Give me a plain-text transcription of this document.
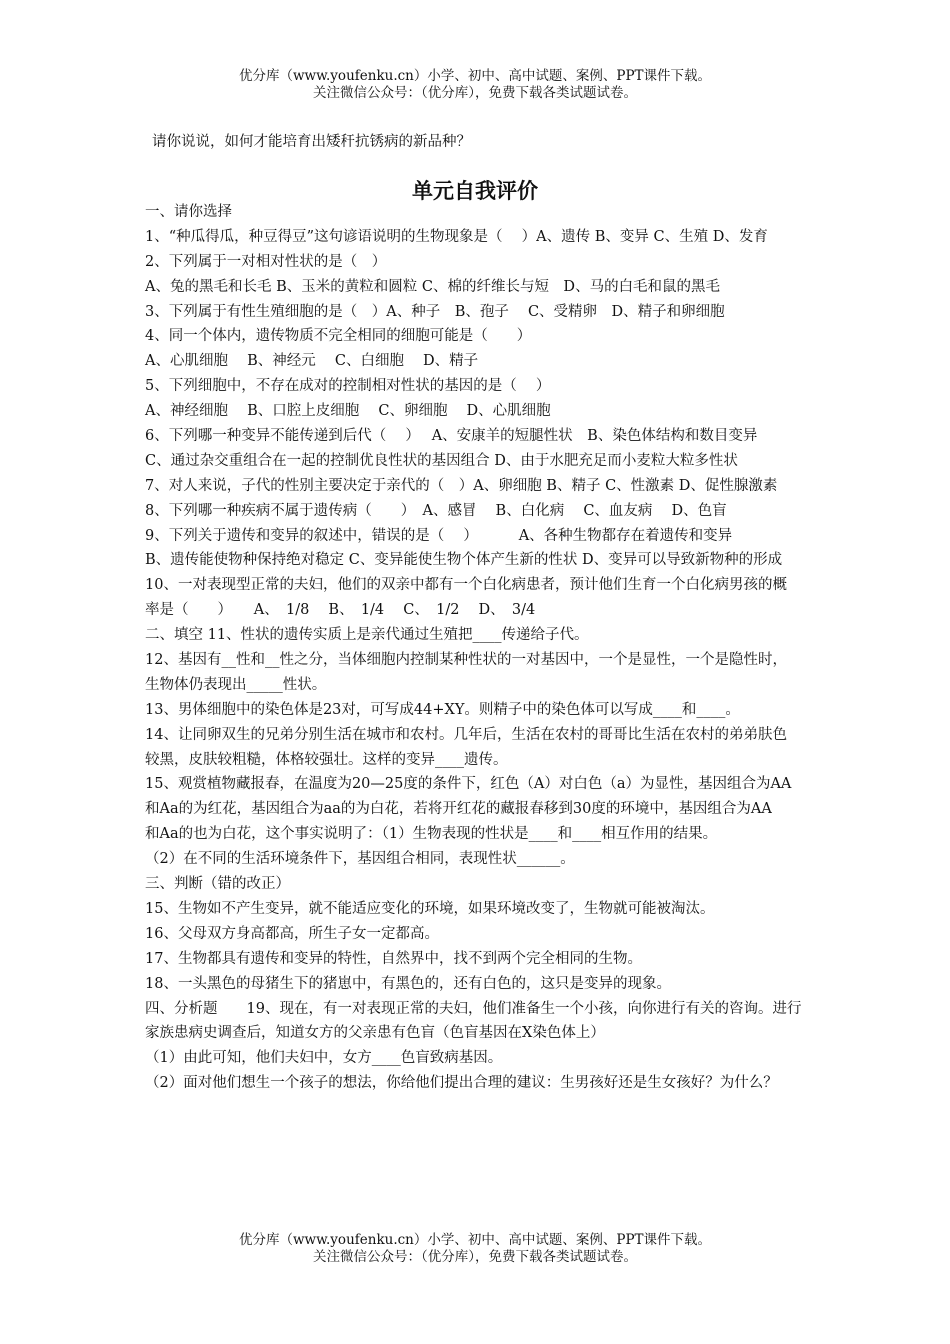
优分库（www.youfenku.cn）小学、初中、高中试题、案例、PPT课件下载。
关注微信公众号：（优分库），免费下载各类试题试卷。
请你说说，如何才能培育出矮秆抗锈病的新品种？
单元自我评价
一、请你选择
1、“种瓜得瓜，种豆得豆”这句谚语说明的生物现象是（　 ）A、遗传 B、变异 C、生殖 D、发育
2、下列属于一对相对性状的是（　）
A、兔的黑毛和长毛 B、玉米的黄粒和圆粒 C、棉的纤维长与短　D、马的白毛和鼠的黑毛
3、下列属于有性生殖细胞的是（　）A、种子　B、孢子　 C、受精卵　D、精子和卵细胞
4、同一个体内，遗传物质不完全相同的细胞可能是（　　）
A、心肌细胞　 B、神经元　 C、白细胞　 D、精子
5、下列细胞中，不存在成对的控制相对性状的基因的是（　 ）
A、神经细胞　 B、口腔上皮细胞　 C、卵细胞　 D、心肌细胞
6、下列哪一种变异不能传递到后代（　 ）　 A、安康羊的短腿性状　B、染色体结构和数目变异
C、通过杂交重组合在一起的控制优良性状的基因组合 D、由于水肥充足而小麦粒大粒多性状
7、对人来说，子代的性别主要决定于亲代的（　）A、卵细胞 B、精子 C、性激素 D、促性腺激素
8、下列哪一种疾病不属于遗传病（　　）　A、感冒　 B、白化病　 C、血友病　 D、色盲
9、下列关于遗传和变异的叙述中，错误的是（　 ）　　　 A、各种生物都存在着遗传和变异
B、遗传能使物种保持绝对稳定 C、变异能使生物个体产生新的性状 D、变异可以导致新物种的形成
10、一对表现型正常的夫妇，他们的双亲中都有一个白化病患者，预计他们生育一个白化病男孩的概
率是（　　）　　A、　1/8　 B、　1/4　 C、　1/2　 D、　3/4
二、填空 11、性状的遗传实质上是亲代通过生殖把____传递给子代。
12、基因有__性和__性之分，当体细胞内控制某种性状的一对基因中，一个是显性，一个是隐性时，
生物体仍表现出_____性状。
13、男体细胞中的染色体是23对，可写成44+XY。则精子中的染色体可以写成____和____。
14、让同卵双生的兄弟分别生活在城市和农村。几年后，生活在农村的哥哥比生活在农村的弟弟肤色
较黑，皮肤较粗糙，体格较强壮。这样的变异____遗传。
15、观赏植物藏报春，在温度为20—25度的条件下，红色（A）对白色（a）为显性，基因组合为AA
和Aa的为红花，基因组合为aa的为白花，若将开红花的藏报春移到30度的环境中，基因组合为AA
和Aa的也为白花，这个事实说明了：（1）生物表现的性状是____和____相互作用的结果。
（2）在不同的生活环境条件下，基因组合相同，表现性状______。
三、判断（错的改正）
15、生物如不产生变异，就不能适应变化的环境，如果环境改变了，生物就可能被淘汰。
16、父母双方身高都高，所生子女一定都高。
17、生物都具有遗传和变异的特性，自然界中，找不到两个完全相同的生物。
18、一头黑色的母猪生下的猪崽中，有黑色的，还有白色的，这只是变异的现象。
四、分析题　　19、现在，有一对表现正常的夫妇，他们准备生一个小孩，向你进行有关的咨询。进行
家族患病史调查后，知道女方的父亲患有色盲（色盲基因在X染色体上）
（1）由此可知，他们夫妇中，女方____色盲致病基因。
（2）面对他们想生一个孩子的想法，你给他们提出合理的建议：生男孩好还是生女孩好？为什么？
优分库（www.youfenku.cn）小学、初中、高中试题、案例、PPT课件下载。
关注微信公众号：（优分库），免费下载各类试题试卷。
